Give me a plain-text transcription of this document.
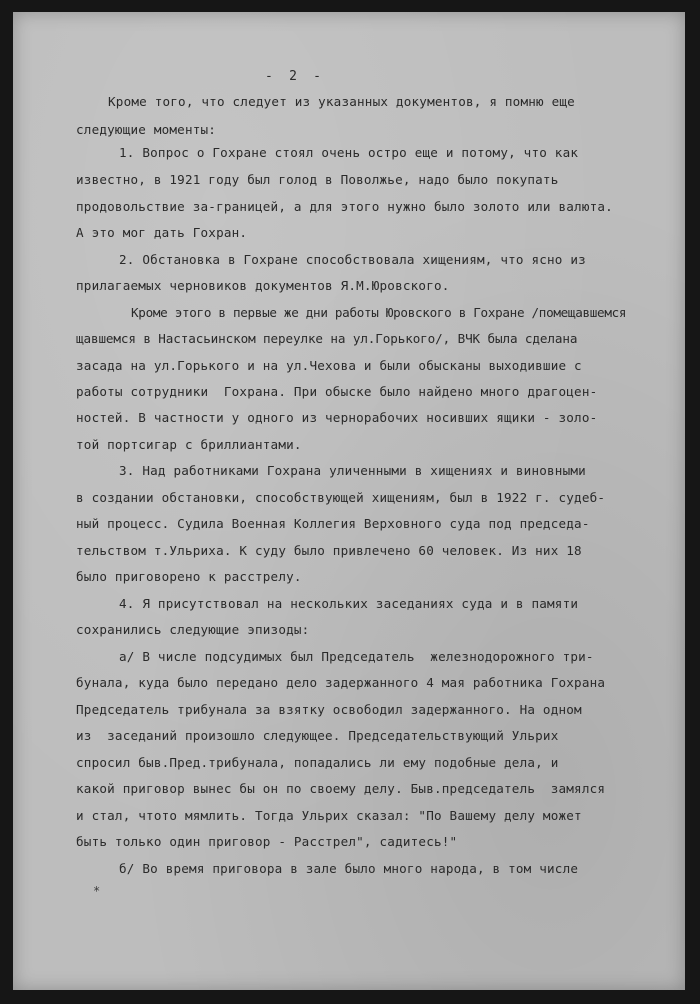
-  2  -
Кроме того, что следует из указанных документов, я помню еще
следующие моменты:
1. Вопрос о Гохране стоял очень остро еще и потому, что как
известно, в 1921 году был голод в Поволжье, надо было покупать
продовольствие за-границей, а для этого нужно было золото или валюта.
А это мог дать Гохран.
2. Обстановка в Гохране способствовала хищениям, что ясно из
прилагаемых черновиков документов Я.М.Юровского.
Кроме этого в первые же дни работы Юровского в Гохране /помещавшемся
щавшемся в Настасьинском переулке на ул.Горького/, ВЧК была сделана
засада на ул.Горького и на ул.Чехова и были обысканы выходившие с
работы сотрудники  Гохрана. При обыске было найдено много драгоцен-
ностей. В частности у одного из чернорабочих носивших ящики - золо-
той портсигар с бриллиантами.
3. Над работниками Гохрана уличенными в хищениях и виновными
в создании обстановки, способствующей хищениям, был в 1922 г. судеб-
ный процесс. Судила Военная Коллегия Верховного суда под председа-
тельством т.Ульриха. К суду было привлечено 60 человек. Из них 18
было приговорено к расстрелу.
4. Я присутствовал на нескольких заседаниях суда и в памяти
сохранились следующие эпизоды:
а/ В числе подсудимых был Председатель  железнодорожного три-
бунала, куда было передано дело задержанного 4 мая работника Гохрана
Председатель трибунала за взятку освободил задержанного. На одном
из  заседаний произошло следующее. Председательствующий Ульрих
спросил быв.Пред.трибунала, попадались ли ему подобные дела, и
какой приговор вынес бы он по своему делу. Быв.председатель  замялся
и стал, чтото мямлить. Тогда Ульрих сказал: "По Вашему делу может
быть только один приговор - Расстрел", садитесь!"
б/ Во время приговора в зале было много народа, в том числе
*
